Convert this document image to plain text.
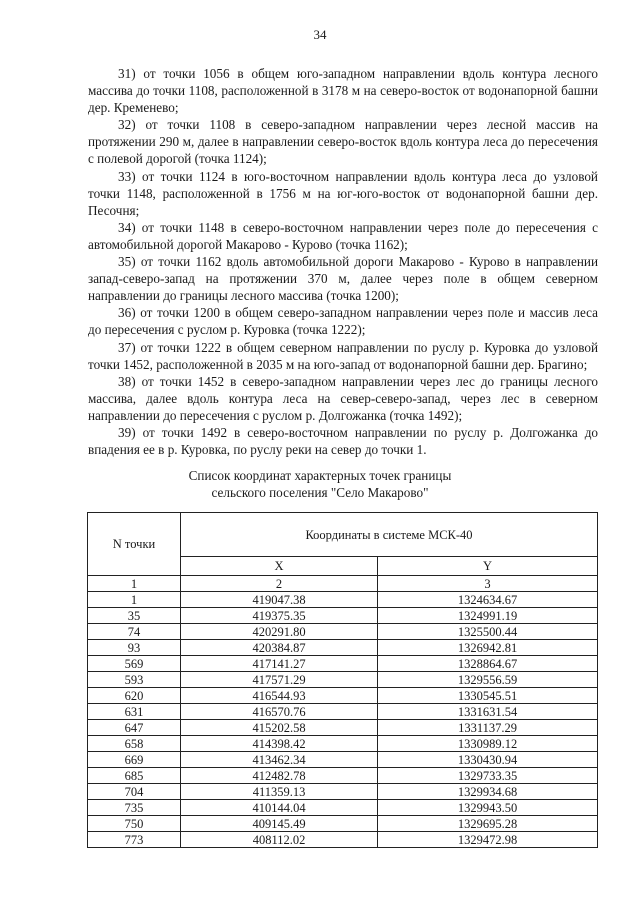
34

31) от точки 1056 в общем юго-западном направлении вдоль контура лесного массива до точки 1108, расположенной в 3178 м на северо-восток от водонапорной башни дер. Кременево;

32) от точки 1108 в северо-западном направлении через лесной массив на протяжении 290 м, далее в направлении северо-восток вдоль контура леса до пересечения с полевой дорогой (точка 1124);

33) от точки 1124 в юго-восточном направлении вдоль контура леса до узловой точки 1148, расположенной в 1756 м на юг-юго-восток от водонапорной башни дер. Песочня;

34) от точки 1148 в северо-восточном направлении через поле до пересечения с автомобильной дорогой Макарово - Курово (точка 1162);

35) от точки 1162 вдоль автомобильной дороги Макарово - Курово в направлении запад-северо-запад на протяжении 370 м, далее через поле в общем северном направлении до границы лесного массива (точка 1200);

36) от точки 1200 в общем северо-западном направлении через поле и массив леса до пересечения с руслом р. Куровка (точка 1222);

37) от точки 1222 в общем северном направлении по руслу р. Куровка до узловой точки 1452, расположенной в 2035 м на юго-запад от водонапорной башни дер. Брагино;

38) от точки 1452 в северо-западном направлении через лес до границы лесного массива, далее вдоль контура леса на север-северо-запад, через лес в северном направлении до пересечения с руслом р. Долгожанка (точка 1492);

39) от точки 1492 в северо-восточном направлении по руслу р. Долгожанка до впадения ее в р. Куровка, по руслу реки на север до точки 1.

Список координат характерных точек границы
сельского поселения "Село Макарово"
N точки	Координаты в системе МСК-40	
	X	Y
1	2	3
1	419047.38	1324634.67
35	419375.35	1324991.19
74	420291.80	1325500.44
93	420384.87	1326942.81
569	417141.27	1328864.67
593	417571.29	1329556.59
620	416544.93	1330545.51
631	416570.76	1331631.54
647	415202.58	1331137.29
658	414398.42	1330989.12
669	413462.34	1330430.94
685	412482.78	1329733.35
704	411359.13	1329934.68
735	410144.04	1329943.50
750	409145.49	1329695.28
773	408112.02	1329472.98
